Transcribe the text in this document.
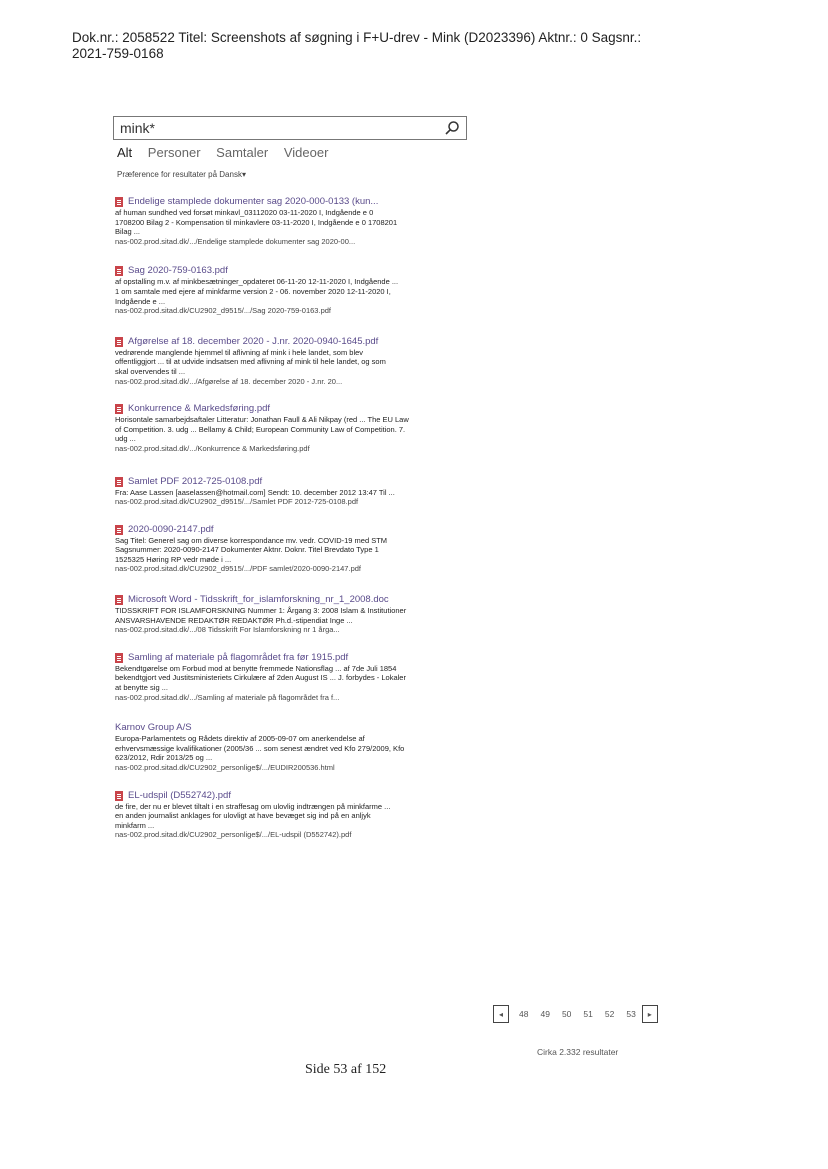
Dok.nr.: 2058522 Titel: Screenshots af søgning i F+U-drev - Mink (D2023396) Aktnr.: 0 Sagsnr.:
2021-759-0168
mink*
Alt Personer Samtaler Videoer
Præference for resultater på Dansk▾
Endelige stamplede dokumenter sag 2020-000-0133 (kun...
af human sundhed ved forsøt minkavl_03112020 03-11-2020 I, Indgående e 0
1708200 Bilag 2 - Kompensation til minkavlere 03-11-2020 I, Indgående e 0 1708201
Bilag ...
nas-002.prod.sitad.dk/.../Endelige stamplede dokumenter sag 2020-00...
Sag 2020-759-0163.pdf
af opstalling m.v. af minkbesætninger_opdateret 06-11-20 12-11-2020 I, Indgående ...
1 om samtale med ejere af minkfarme version 2 - 06. november 2020 12-11-2020 I,
Indgående e ...
nas-002.prod.sitad.dk/CU2902_d9515/.../Sag 2020-759-0163.pdf
Afgørelse af 18. december 2020 - J.nr. 2020-0940-1645.pdf
vedrørende manglende hjemmel til aflivning af mink i hele landet, som blev
offentliggjort ... til at udvide indsatsen med aflivning af mink til hele landet, og som
skal overvendes til ...
nas-002.prod.sitad.dk/.../Afgørelse af 18. december 2020 - J.nr. 20...
Konkurrence & Markedsføring.pdf
Horisontale samarbejdsaftaler Litteratur: Jonathan Faull & Ali Nikpay (red ... The EU Law
of Competition. 3. udg ... Bellamy & Child; European Community Law of Competition. 7.
udg ...
nas-002.prod.sitad.dk/.../Konkurrence & Markedsføring.pdf
Samlet PDF 2012-725-0108.pdf
Fra: Aase Lassen [aaselassen@hotmail.com] Sendt: 10. december 2012 13:47 Til ...
nas-002.prod.sitad.dk/CU2902_d9515/.../Samlet PDF 2012-725-0108.pdf
2020-0090-2147.pdf
Sag Titel: Generel sag om diverse korrespondance mv. vedr. COVID-19 med STM
Sagsnummer: 2020-0090-2147 Dokumenter Aktnr. Doknr. Titel Brevdato Type 1
1525325 Høring RP vedr møde i ...
nas-002.prod.sitad.dk/CU2902_d9515/.../PDF samlet/2020-0090-2147.pdf
Microsoft Word - Tidsskrift_for_islamforskning_nr_1_2008.doc
TIDSSKRIFT FOR ISLAMFORSKNING Nummer 1: Årgang 3: 2008 Islam & Institutioner
ANSVARSHAVENDE REDAKTØR REDAKTØR Ph.d.-stipendiat Inge ...
nas-002.prod.sitad.dk/.../08 Tidsskrift For Islamforskning nr 1 årga...
Samling af materiale på flagområdet fra før 1915.pdf
Bekendtgørelse om Forbud mod at benytte fremmede Nationsflag ... af 7de Juli 1854
bekendtgjort ved Justitsministeriets Cirkulære af 2den August IS ... J. forbydes - Lokaler
at benytte sig ...
nas-002.prod.sitad.dk/.../Samling af materiale på flagområdet fra f...
Karnov Group A/S
Europa-Parlamentets og Rådets direktiv af 2005-09-07 om anerkendelse af
erhvervsmæssige kvalifikationer (2005/36 ... som senest ændret ved Kfo 279/2009, Kfo
623/2012, Rdir 2013/25 og ...
nas-002.prod.sitad.dk/CU2902_personlige$/.../EUDIR200536.html
EL-udspil (D552742).pdf
de fire, der nu er blevet tiltalt i en straffesag om ulovlig indtrængen på minkfarme ...
en anden journalist anklages for ulovligt at have bevæget sig ind på en anljyk
minkfarm ...
nas-002.prod.sitad.dk/CU2902_personlige$/.../EL-udspil (D552742).pdf
◂	48 49 50 51 52 53	▸
Cirka 2.332 resultater
Side 53 af 152
